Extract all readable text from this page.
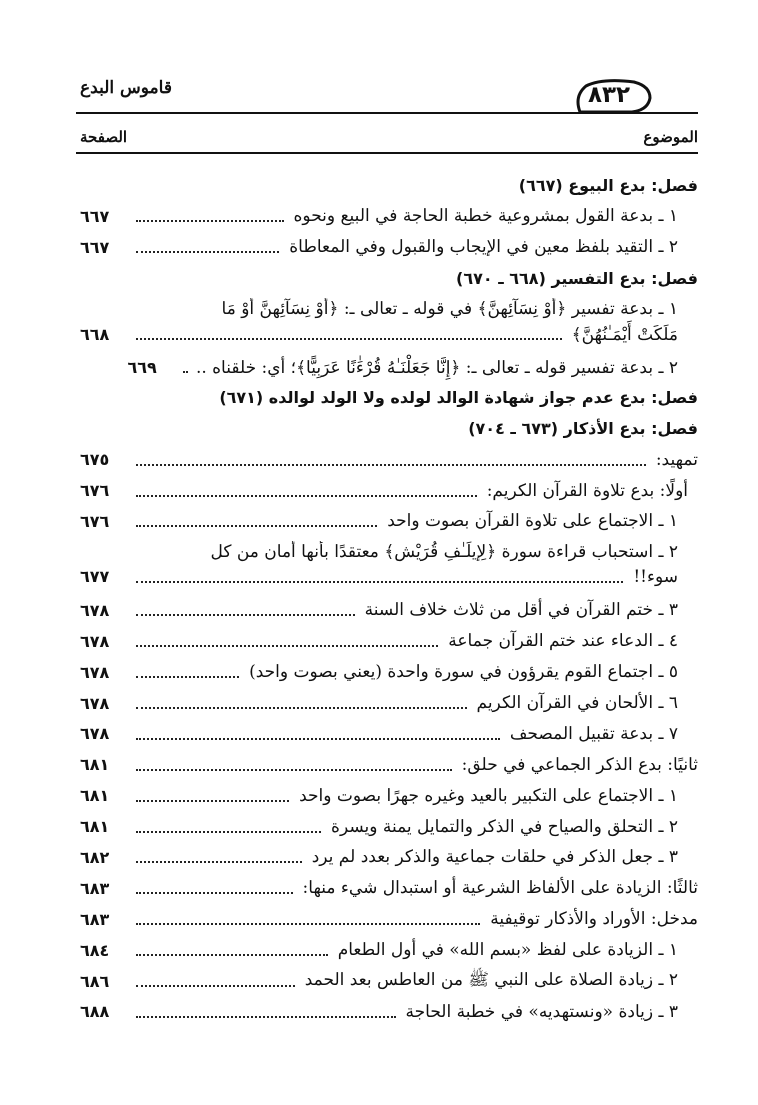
قاموس البدع	٨٣٢
الموضوع
الصفحة
فصل: بدع البيوع (٦٦٧)
١ ـ بدعة القول بمشروعية خطبة الحاجة في البيع ونحوه
٦٦٧
٢ ـ التقيد بلفظ معين في الإيجاب والقبول وفي المعاطاة
٦٦٧
فصل: بدع التفسير (٦٦٨ ـ ٦٧٠)
١ ـ بدعة تفسير ﴿أَوْ نِسَآئِهِنَّ﴾ في قوله ـ تعالى ـ: ﴿أَوْ نِسَآئِهِنَّ أَوْ مَا
مَلَكَتْ أَيْمَـٰنُهُنَّ﴾
٦٦٨
٢ ـ بدعة تفسير قوله ـ تعالى ـ: ﴿إِنَّا جَعَلْنَـٰهُ قُرْءَٰنًا عَرَبِيًّا﴾؛ أي: خلقناه ..
٦٦٩
فصل: بدع عدم جواز شهادة الوالد لولده ولا الولد لوالده (٦٧١)
فصل: بدع الأذكار (٦٧٣ ـ ٧٠٤)
تمهيد:
٦٧٥
أولًا: بدع تلاوة القرآن الكريم:
٦٧٦
١ ـ الاجتماع على تلاوة القرآن بصوت واحد
٦٧٦
٢ ـ استحباب قراءة سورة ﴿لِإِيلَـٰفِ قُرَيْشٍ﴾ معتقدًا بأنها أمان من كل
سوء!!
٦٧٧
٣ ـ ختم القرآن في أقل من ثلاث خلاف السنة
٦٧٨
٤ ـ الدعاء عند ختم القرآن جماعة
٦٧٨
٥ ـ اجتماع القوم يقرؤون في سورة واحدة (يعني بصوت واحد)
٦٧٨
٦ ـ الألحان في القرآن الكريم
٦٧٨
٧ ـ بدعة تقبيل المصحف
٦٧٨
ثانيًا: بدع الذكر الجماعي في حلق:
٦٨١
١ ـ الاجتماع على التكبير بالعيد وغيره جهرًا بصوت واحد
٦٨١
٢ ـ التحلق والصياح في الذكر والتمايل يمنة ويسرة
٦٨١
٣ ـ جعل الذكر في حلقات جماعية والذكر بعدد لم يرد
٦٨٢
ثالثًا: الزيادة على الألفاظ الشرعية أو استبدال شيء منها:
٦٨٣
مدخل: الأوراد والأذكار توقيفية
٦٨٣
١ ـ الزيادة على لفظ «بسم الله» في أول الطعام
٦٨٤
٢ ـ زيادة الصلاة على النبي ﷺ من العاطس بعد الحمد
٦٨٦
٣ ـ زيادة «ونستهديه» في خطبة الحاجة
٦٨٨
